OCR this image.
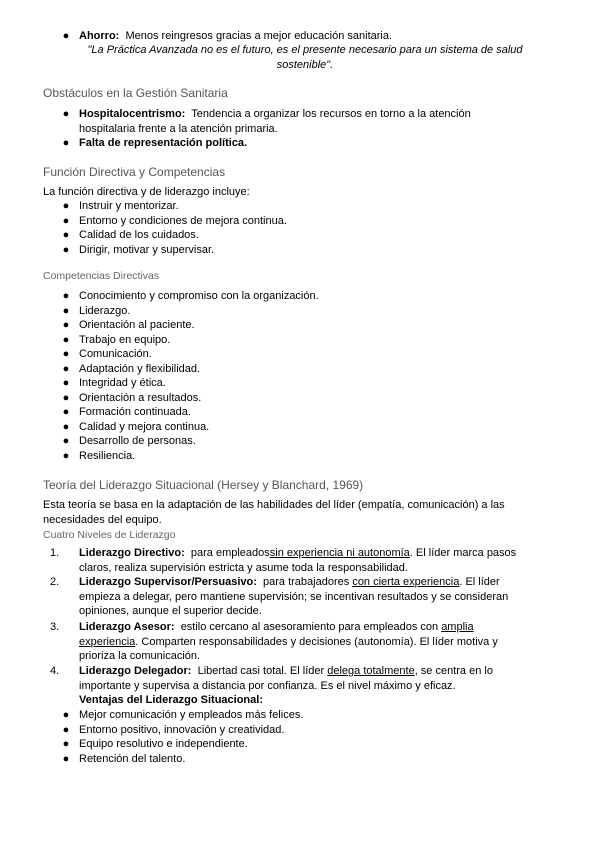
● Ahorro: Menos reingresos gracias a mejor educación sanitaria.
"La Práctica Avanzada no es el futuro, es el presente necesario para un sistema de salud
sostenible".
Obstáculos en la Gestión Sanitaria
● Hospitalocentrismo: Tendencia a organizar los recursos en torno a la atención
hospitalaria frente a la atención primaria.
● Falta de representación política.
Función Directiva y Competencias
La función directiva y de liderazgo incluye:
● Instruir y mentorizar.
● Entorno y condiciones de mejora continua.
● Calidad de los cuidados.
● Dirigir, motivar y supervisar.
Competencias Directivas
● Conocimiento y compromiso con la organización.
● Liderazgo.
● Orientación al paciente.
● Trabajo en equipo.
● Comunicación.
● Adaptación y flexibilidad.
● Integridad y ética.
● Orientación a resultados.
● Formación continuada.
● Calidad y mejora continua.
● Desarrollo de personas.
● Resiliencia.
Teoría del Liderazgo Situacional (Hersey y Blanchard, 1969)
Esta teoría se basa en la adaptación de las habilidades del líder (empatía, comunicación) a las
necesidades del equipo.
Cuatro Niveles de Liderazgo
1.	Liderazgo Directivo: para empleadossin experiencia ni autonomía. El líder marca pasos
claros, realiza supervisión estricta y asume toda la responsabilidad.
2.	Liderazgo Supervisor/Persuasivo: para trabajadores con cierta experiencia. El líder
empieza a delegar, pero mantiene supervisión; se incentivan resultados y se consideran
opiniones, aunque el superior decide.
3.	Liderazgo Asesor: estilo cercano al asesoramiento para empleados con amplia
experiencia. Comparten responsabilidades y decisiones (autonomía). El líder motiva y
prioriza la comunicación.
4.	Liderazgo Delegador: Libertad casi total. El líder delega totalmente, se centra en lo
importante y supervisa a distancia por confianza. Es el nivel máximo y eficaz.
Ventajas del Liderazgo Situacional:
● Mejor comunicación y empleados más felices.
● Entorno positivo, innovación y creatividad.
● Equipo resolutivo e independiente.
● Retención del talento.
